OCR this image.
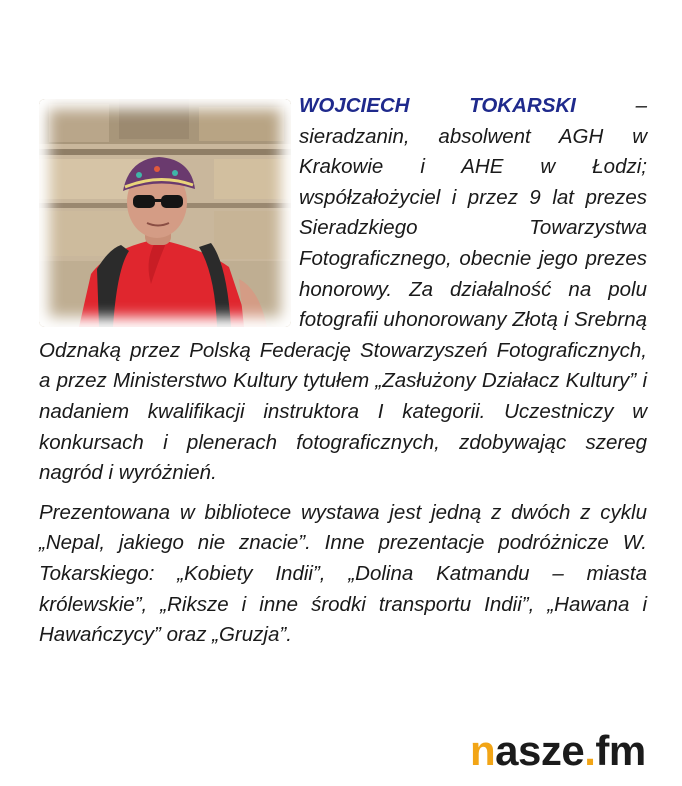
WOJCIECH TOKARSKI – sieradzanin, absolwent AGH w Krakowie i AHE w Łodzi; współzałożyciel i przez 9 lat prezes Sieradzkiego Towarzystwa Fotograficznego, obecnie jego prezes honorowy. Za działalność na polu fotografii uhonorowany Złotą i Srebrną Odznaką przez Polską Federację Stowarzyszeń Fotograficznych, a przez Ministerstwo Kultury tytułem „Zasłużony Działacz Kultury” i nadaniem kwalifikacji instruktora I kategorii. Uczestniczy w konkursach i plenerach fotograficznych, zdobywając szereg nagród i wyróżnień.

Prezentowana w bibliotece wystawa jest jedną z dwóch z cyklu „Nepal, jakiego nie znacie”. Inne prezentacje podróżnicze W. Tokarskiego: „Kobiety Indii”, „Dolina Katmandu – miasta królewskie”, „Riksze i inne środki transportu Indii”, „Hawana i Hawańczycy” oraz „Gruzja”.

nasze.fm
